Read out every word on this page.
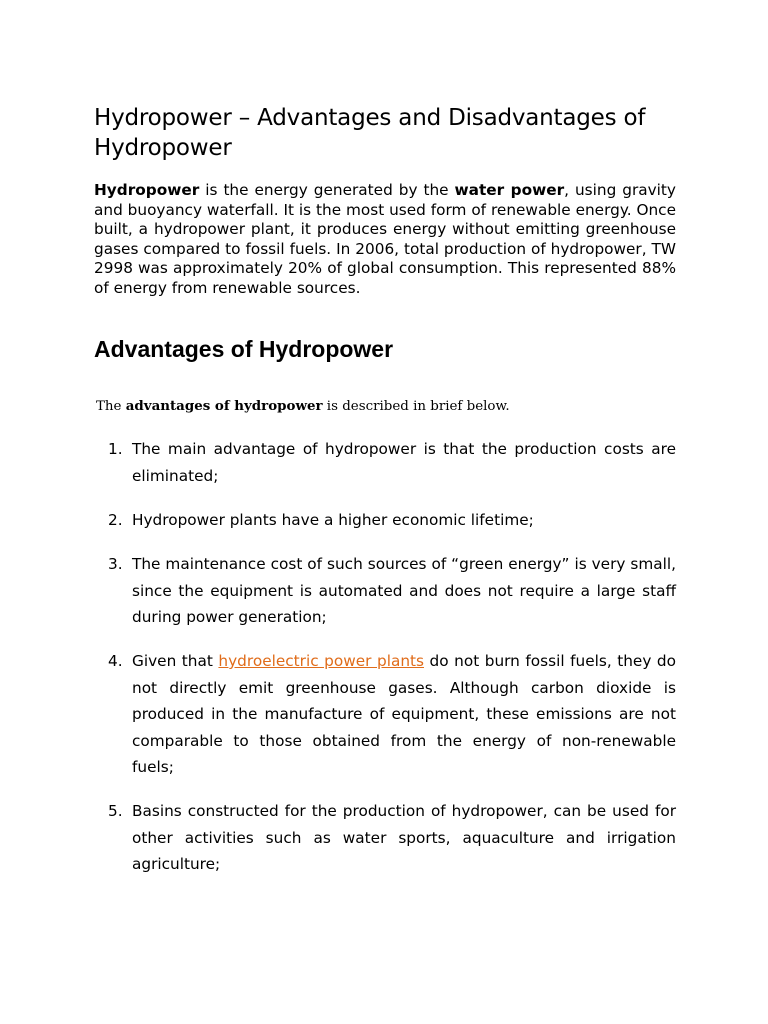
Hydropower – Advantages and Disadvantages of Hydropower

Hydropower is the energy generated by the water power, using gravity and buoyancy waterfall. It is the most used form of renewable energy. Once built, a hydropower plant, it produces energy without emitting greenhouse gases compared to fossil fuels. In 2006, total production of hydropower, TW 2998 was approximately 20% of global consumption. This represented 88% of energy from renewable sources.

Advantages of Hydropower

The advantages of hydropower is described in brief below.

1. The main advantage of hydropower is that the production costs are eliminated;
2. Hydropower plants have a higher economic lifetime;
3. The maintenance cost of such sources of “green energy” is very small, since the equipment is automated and does not require a large staff during power generation;
4. Given that hydroelectric power plants do not burn fossil fuels, they do not directly emit greenhouse gases. Although carbon dioxide is produced in the manufacture of equipment, these emissions are not comparable to those obtained from the energy of non-renewable fuels;
5. Basins constructed for the production of hydropower, can be used for other activities such as water sports, aquaculture and irrigation agriculture;
